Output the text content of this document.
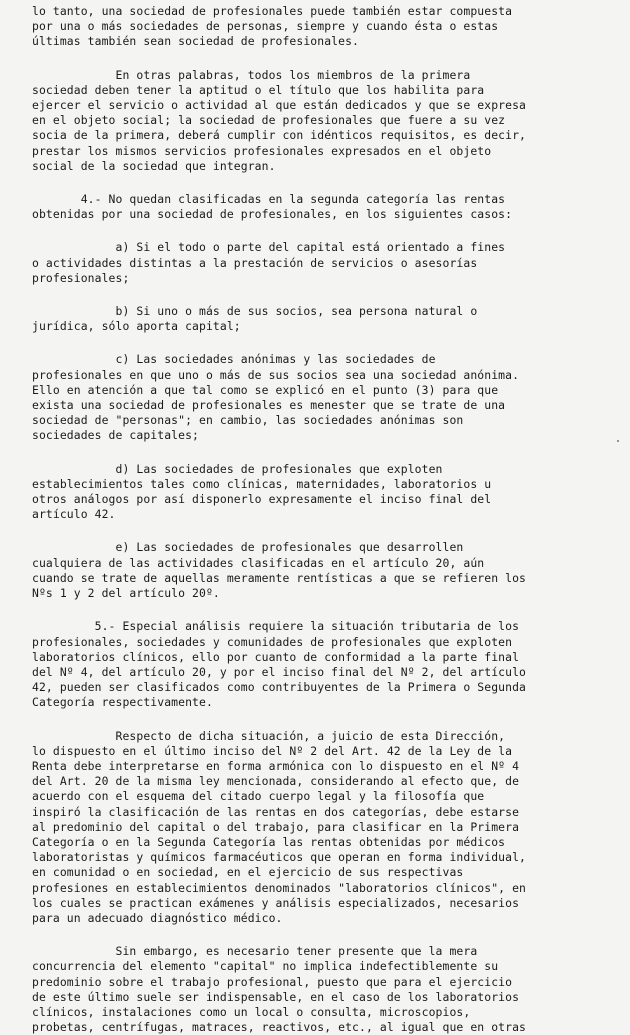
lo tanto, una sociedad de profesionales puede también estar compuesta
por una o más sociedades de personas, siempre y cuando ésta o estas
últimas también sean sociedad de profesionales.

En otras palabras, todos los miembros de la primera
sociedad deben tener la aptitud o el título que los habilita para
ejercer el servicio o actividad al que están dedicados y que se expresa
en el objeto social; la sociedad de profesionales que fuere a su vez
socia de la primera, deberá cumplir con idénticos requisitos, es decir,
prestar los mismos servicios profesionales expresados en el objeto
social de la sociedad que integran.

4.- No quedan clasificadas en la segunda categoría las rentas
obtenidas por una sociedad de profesionales, en los siguientes casos:

a) Si el todo o parte del capital está orientado a fines
o actividades distintas a la prestación de servicios o asesorías
profesionales;

b) Si uno o más de sus socios, sea persona natural o
jurídica, sólo aporta capital;

c) Las sociedades anónimas y las sociedades de
profesionales en que uno o más de sus socios sea una sociedad anónima.
Ello en atención a que tal como se explicó en el punto (3) para que
exista una sociedad de profesionales es menester que se trate de una
sociedad de "personas"; en cambio, las sociedades anónimas son
sociedades de capitales;

d) Las sociedades de profesionales que exploten
establecimientos tales como clínicas, maternidades, laboratorios u
otros análogos por así disponerlo expresamente el inciso final del
artículo 42.

e) Las sociedades de profesionales que desarrollen
cualquiera de las actividades clasificadas en el artículo 20, aún
cuando se trate de aquellas meramente rentísticas a que se refieren los
Nºs 1 y 2 del artículo 20º.

5.- Especial análisis requiere la situación tributaria de los
profesionales, sociedades y comunidades de profesionales que exploten
laboratorios clínicos, ello por cuanto de conformidad a la parte final
del Nº 4, del artículo 20, y por el inciso final del Nº 2, del artículo
42, pueden ser clasificados como contribuyentes de la Primera o Segunda
Categoría respectivamente.

Respecto de dicha situación, a juicio de esta Dirección,
lo dispuesto en el último inciso del Nº 2 del Art. 42 de la Ley de la
Renta debe interpretarse en forma armónica con lo dispuesto en el Nº 4
del Art. 20 de la misma ley mencionada, considerando al efecto que, de
acuerdo con el esquema del citado cuerpo legal y la filosofía que
inspiró la clasificación de las rentas en dos categorías, debe estarse
al predominio del capital o del trabajo, para clasificar en la Primera
Categoría o en la Segunda Categoría las rentas obtenidas por médicos
laboratoristas y químicos farmacéuticos que operan en forma individual,
en comunidad o en sociedad, en el ejercicio de sus respectivas
profesiones en establecimientos denominados "laboratorios clínicos", en
los cuales se practican exámenes y análisis especializados, necesarios
para un adecuado diagnóstico médico.

Sin embargo, es necesario tener presente que la mera
concurrencia del elemento "capital" no implica indefectiblemente su
predominio sobre el trabajo profesional, puesto que para el ejercicio
de este último suele ser indispensable, en el caso de los laboratorios
clínicos, instalaciones como un local o consulta, microscopios,
probetas, centrífugas, matraces, reactivos, etc., al igual que en otras
